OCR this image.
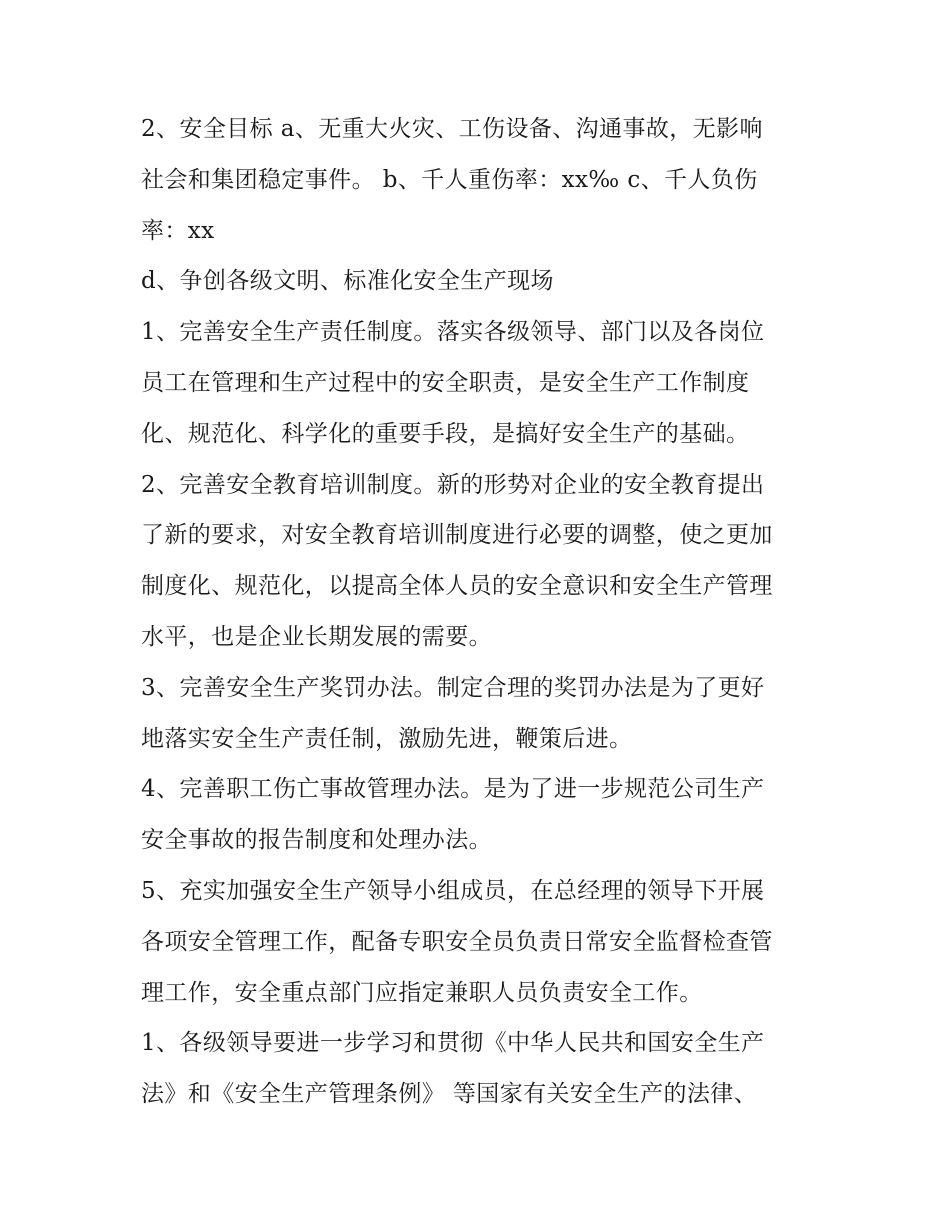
2、安全目标 a、无重大火灾、工伤设备、沟通事故，无影响
社会和集团稳定事件。 b、千人重伤率：xx‰ c、千人负伤
率：xx
d、争创各级文明、标准化安全生产现场
1、完善安全生产责任制度。落实各级领导、部门以及各岗位
员工在管理和生产过程中的安全职责，是安全生产工作制度
化、规范化、科学化的重要手段，是搞好安全生产的基础。
2、完善安全教育培训制度。新的形势对企业的安全教育提出
了新的要求，对安全教育培训制度进行必要的调整，使之更加
制度化、规范化，以提高全体人员的安全意识和安全生产管理
水平，也是企业长期发展的需要。
3、完善安全生产奖罚办法。制定合理的奖罚办法是为了更好
地落实安全生产责任制，激励先进，鞭策后进。
4、完善职工伤亡事故管理办法。是为了进一步规范公司生产
安全事故的报告制度和处理办法。
5、充实加强安全生产领导小组成员，在总经理的领导下开展
各项安全管理工作，配备专职安全员负责日常安全监督检查管
理工作，安全重点部门应指定兼职人员负责安全工作。
1、各级领导要进一步学习和贯彻《中华人民共和国安全生产
法》和《安全生产管理条例》 等国家有关安全生产的法律、
